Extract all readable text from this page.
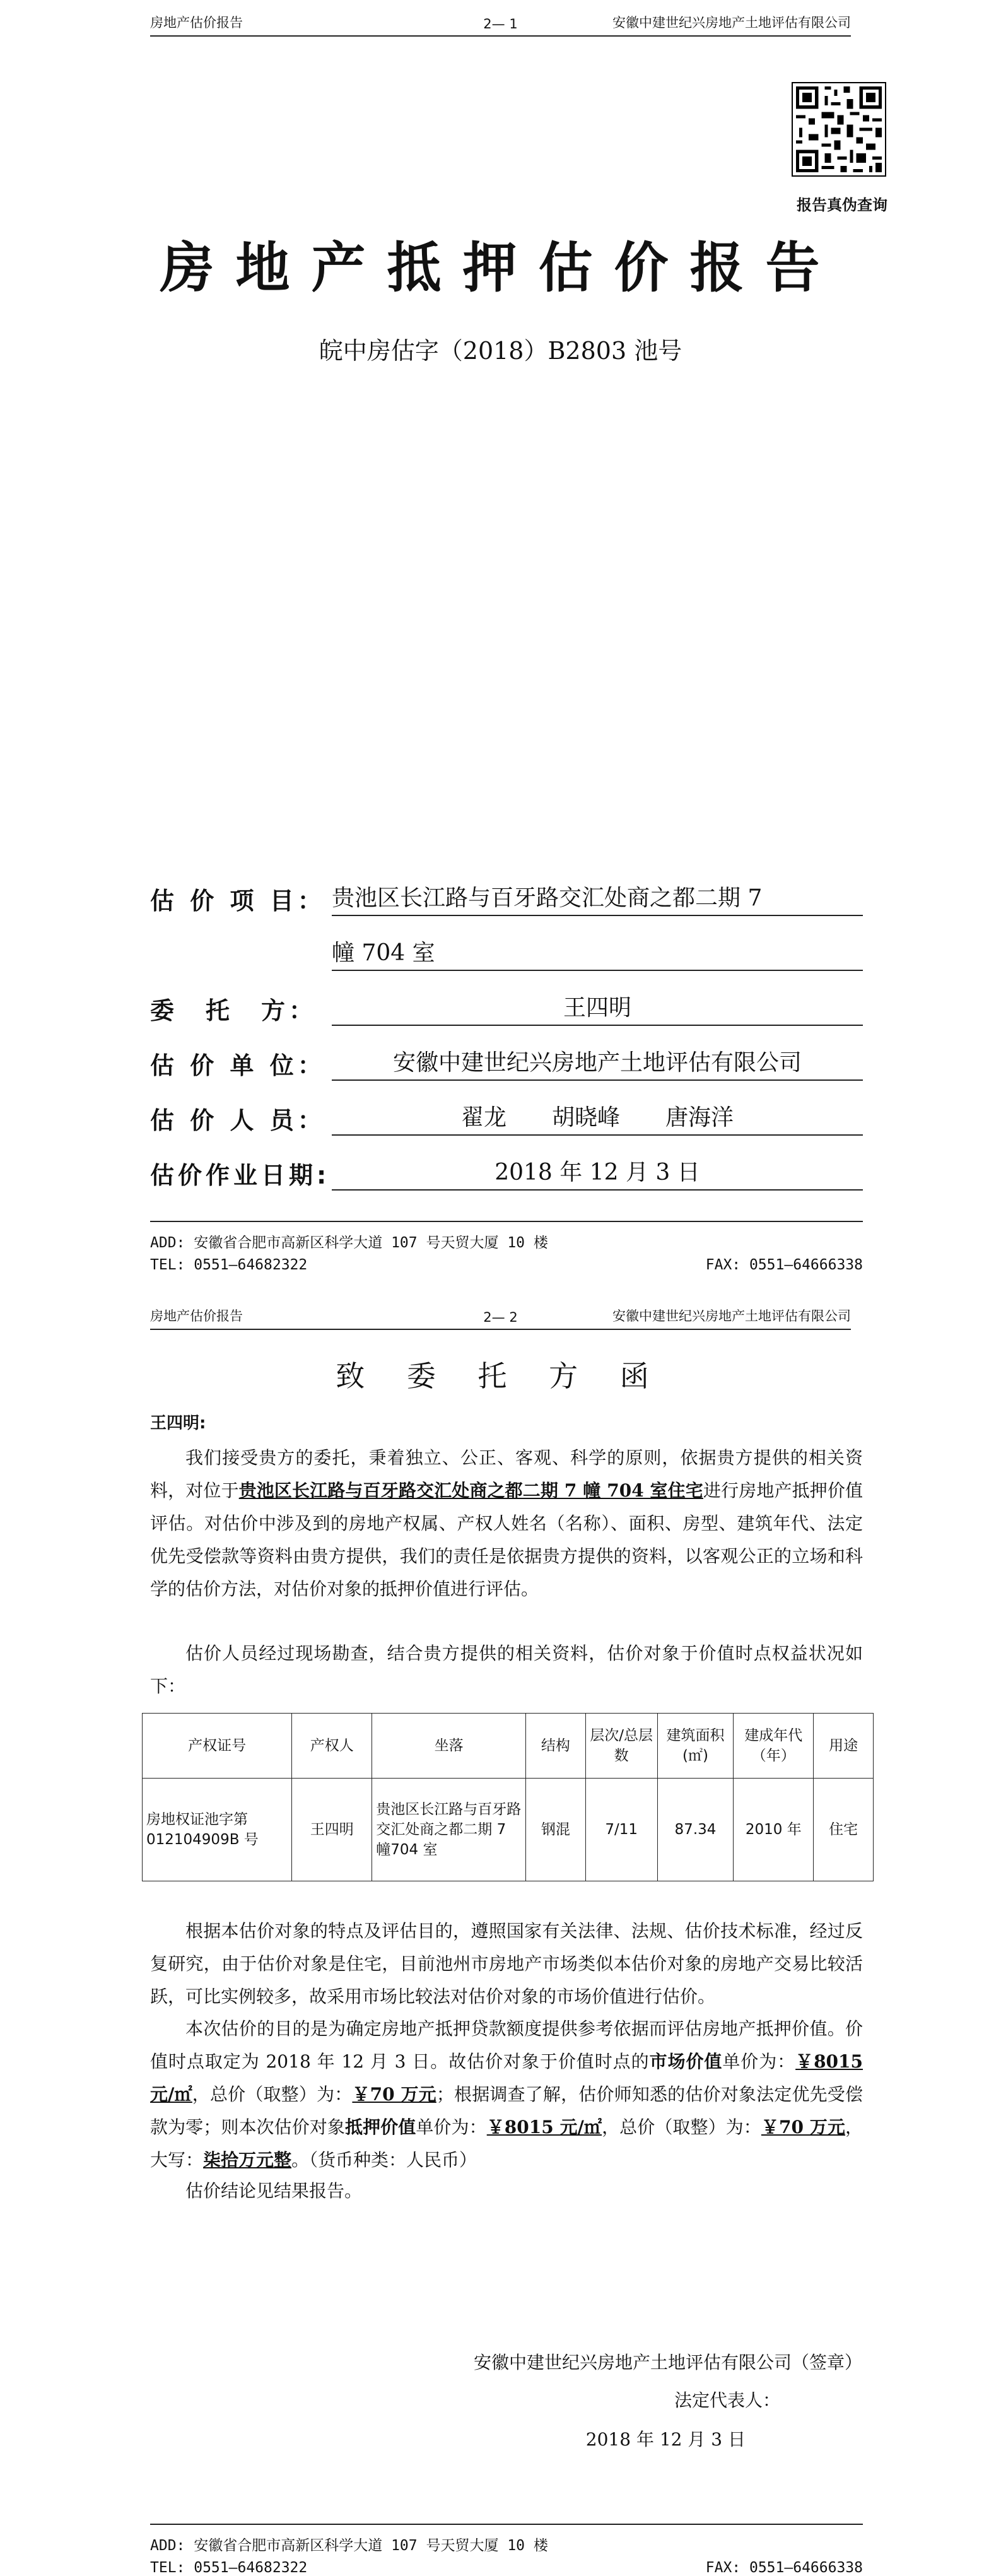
房地产估价报告	2— 1	安徽中建世纪兴房地产土地评估有限公司
报告真伪查询
房地产抵押估价报告
皖中房估字（2018）B2803 池号
估 价 项 目： 贵池区长江路与百牙路交汇处商之都二期 7
幢 704 室
委　托　方：	王四明
估 价 单 位：	安徽中建世纪兴房地产土地评估有限公司
估 价 人 员：	翟龙　　胡晓峰　　唐海洋
估价作业日期:	2018 年 12 月 3 日
ADD: 安徽省合肥市高新区科学大道 107 号天贸大厦 10 楼
TEL: 0551—64682322	FAX: 0551—64666338
房地产估价报告	2— 2	安徽中建世纪兴房地产土地评估有限公司
致 委 托 方 函
王四明:

我们接受贵方的委托，秉着独立、公正、客观、科学的原则，依据贵方提供的相关资料，对位于贵池区长江路与百牙路交汇处商之都二期 7 幢 704 室住宅进行房地产抵押价值评估。对估价中涉及到的房地产权属、产权人姓名（名称）、面积、房型、建筑年代、法定优先受偿款等资料由贵方提供，我们的责任是依据贵方提供的资料，以客观公正的立场和科学的估价方法，对估价对象的抵押价值进行评估。

估价人员经过现场勘查，结合贵方提供的相关资料，估价对象于价值时点权益状况如下：

产权证号	产权人	坐落	结构	层次/总层数	建筑面积(㎡)	建成年代（年）	用途
房地权证池字第012104909B 号	王四明	贵池区长江路与百牙路交汇处商之都二期 7 幢704 室	钢混	7/11	87.34	2010 年	住宅

根据本估价对象的特点及评估目的，遵照国家有关法律、法规、估价技术标准，经过反复研究，由于估价对象是住宅，目前池州市房地产市场类似本估价对象的房地产交易比较活跃，可比实例较多，故采用市场比较法对估价对象的市场价值进行估价。

本次估价的目的是为确定房地产抵押贷款额度提供参考依据而评估房地产抵押价值。价值时点取定为 2018 年 12 月 3 日。故估价对象于价值时点的市场价值单价为：￥8015 元/㎡，总价（取整）为：￥70 万元；根据调查了解，估价师知悉的估价对象法定优先受偿款为零；则本次估价对象抵押价值单价为：￥8015 元/㎡，总价（取整）为：￥70 万元，大写：柒拾万元整。（货币种类：人民币）

估价结论见结果报告。

安徽中建世纪兴房地产土地评估有限公司（签章）
法定代表人：
2018 年 12 月 3 日
ADD: 安徽省合肥市高新区科学大道 107 号天贸大厦 10 楼
TEL: 0551—64682322	FAX: 0551—64666338
